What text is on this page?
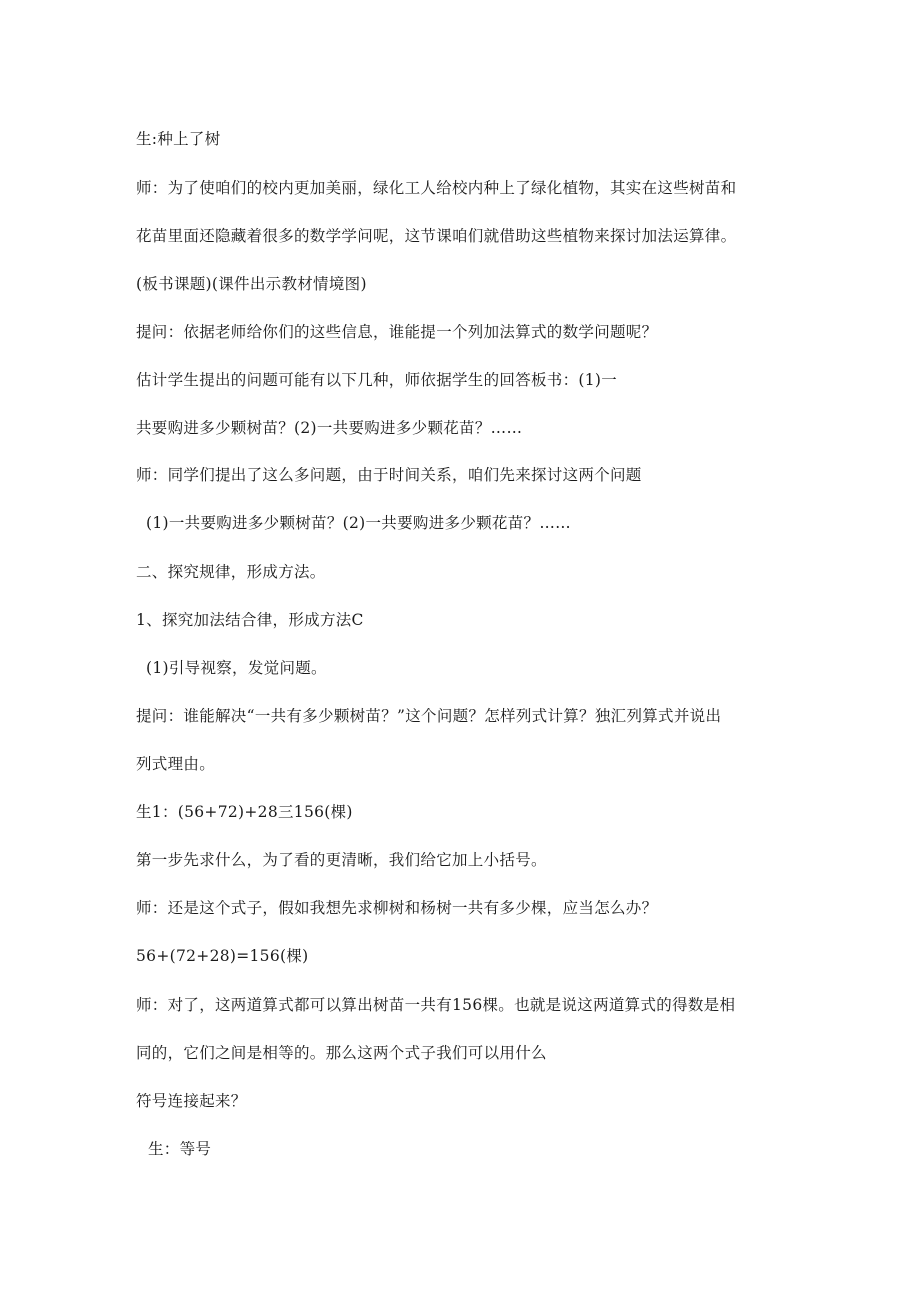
生:种上了树
师：为了使咱们的校内更加美丽，绿化工人给校内种上了绿化植物，其实在这些树苗和
花苗里面还隐藏着很多的数学学问呢，这节课咱们就借助这些植物来探讨加法运算律。
(板书课题)(课件出示教材情境图)
提问：依据老师给你们的这些信息，谁能提一个列加法算式的数学问题呢？
估计学生提出的问题可能有以下几种，师依据学生的回答板书：(1)一
共要购进多少颗树苗？(2)一共要购进多少颗花苗？……
师：同学们提出了这么多问题，由于时间关系，咱们先来探讨这两个问题
(1)一共要购进多少颗树苗？(2)一共要购进多少颗花苗？……
二、探究规律，形成方法。
1、探究加法结合律，形成方法C
(1)引导视察，发觉问题。
提问：谁能解决“一共有多少颗树苗？”这个问题？怎样列式计算？独汇列算式并说出
列式理由。
生1：(56+72)+28三156(棵)
第一步先求什么，为了看的更清晰，我们给它加上小括号。
师：还是这个式子，假如我想先求柳树和杨树一共有多少棵，应当怎么办？
56+(72+28)=156(棵)
师：对了，这两道算式都可以算出树苗一共有156棵。也就是说这两道算式的得数是相
同的，它们之间是相等的。那么这两个式子我们可以用什么
符号连接起来？
生：等号
